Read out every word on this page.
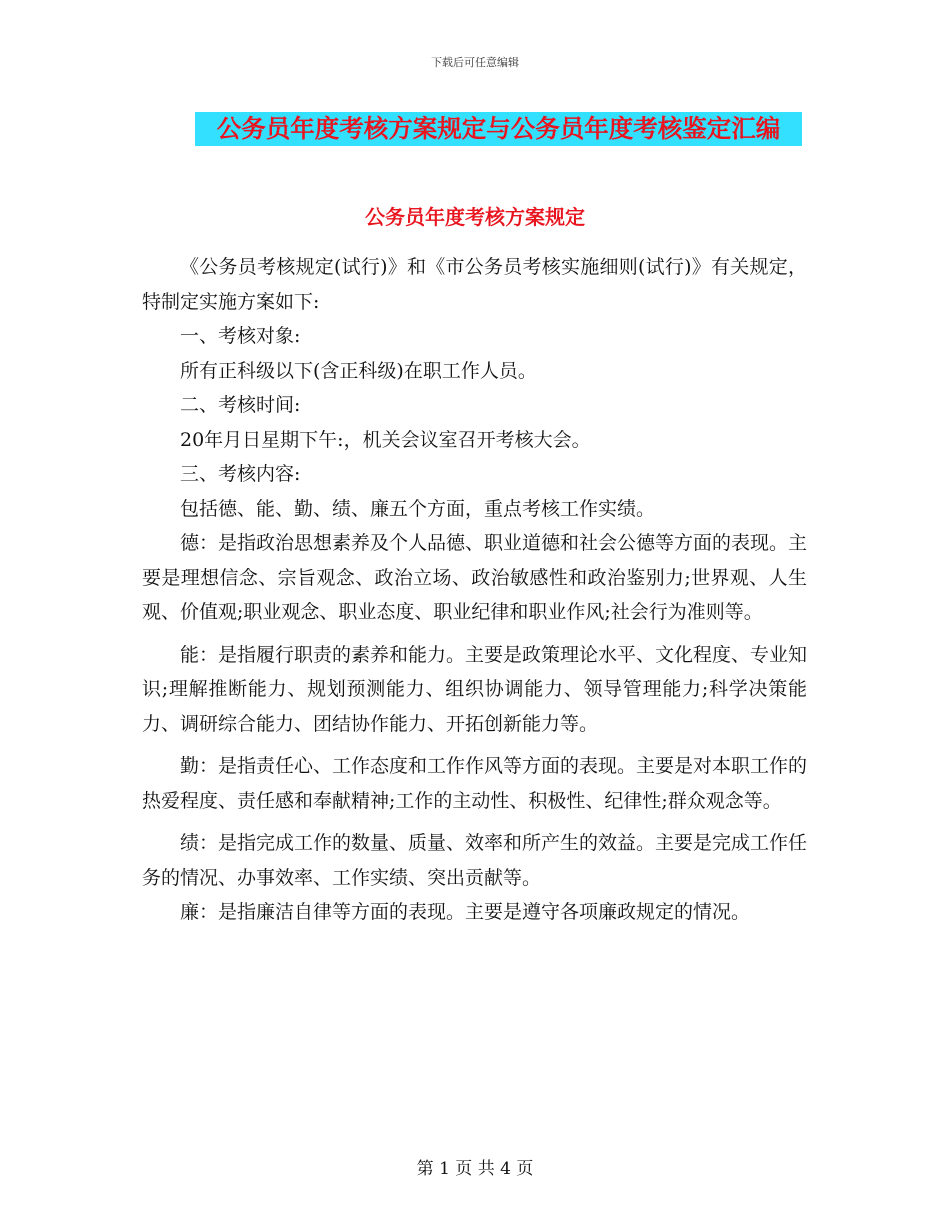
下载后可任意编辑
公务员年度考核方案规定与公务员年度考核鉴定汇编
公务员年度考核方案规定

《公务员考核规定(试行)》和《市公务员考核实施细则(试行)》有关规定，特制定实施方案如下:

一、考核对象:

所有正科级以下(含正科级)在职工作人员。

二、考核时间:

20年月日星期下午:，机关会议室召开考核大会。

三、考核内容:

包括德、能、勤、绩、廉五个方面，重点考核工作实绩。

德：是指政治思想素养及个人品德、职业道德和社会公德等方面的表现。主要是理想信念、宗旨观念、政治立场、政治敏感性和政治鉴别力;世界观、人生观、价值观;职业观念、职业态度、职业纪律和职业作风;社会行为准则等。

能：是指履行职责的素养和能力。主要是政策理论水平、文化程度、专业知识;理解推断能力、规划预测能力、组织协调能力、领导管理能力;科学决策能力、调研综合能力、团结协作能力、开拓创新能力等。

勤：是指责任心、工作态度和工作作风等方面的表现。主要是对本职工作的热爱程度、责任感和奉献精神;工作的主动性、积极性、纪律性;群众观念等。

绩：是指完成工作的数量、质量、效率和所产生的效益。主要是完成工作任务的情况、办事效率、工作实绩、突出贡献等。

廉：是指廉洁自律等方面的表现。主要是遵守各项廉政规定的情况。

第 1 页 共 4 页
